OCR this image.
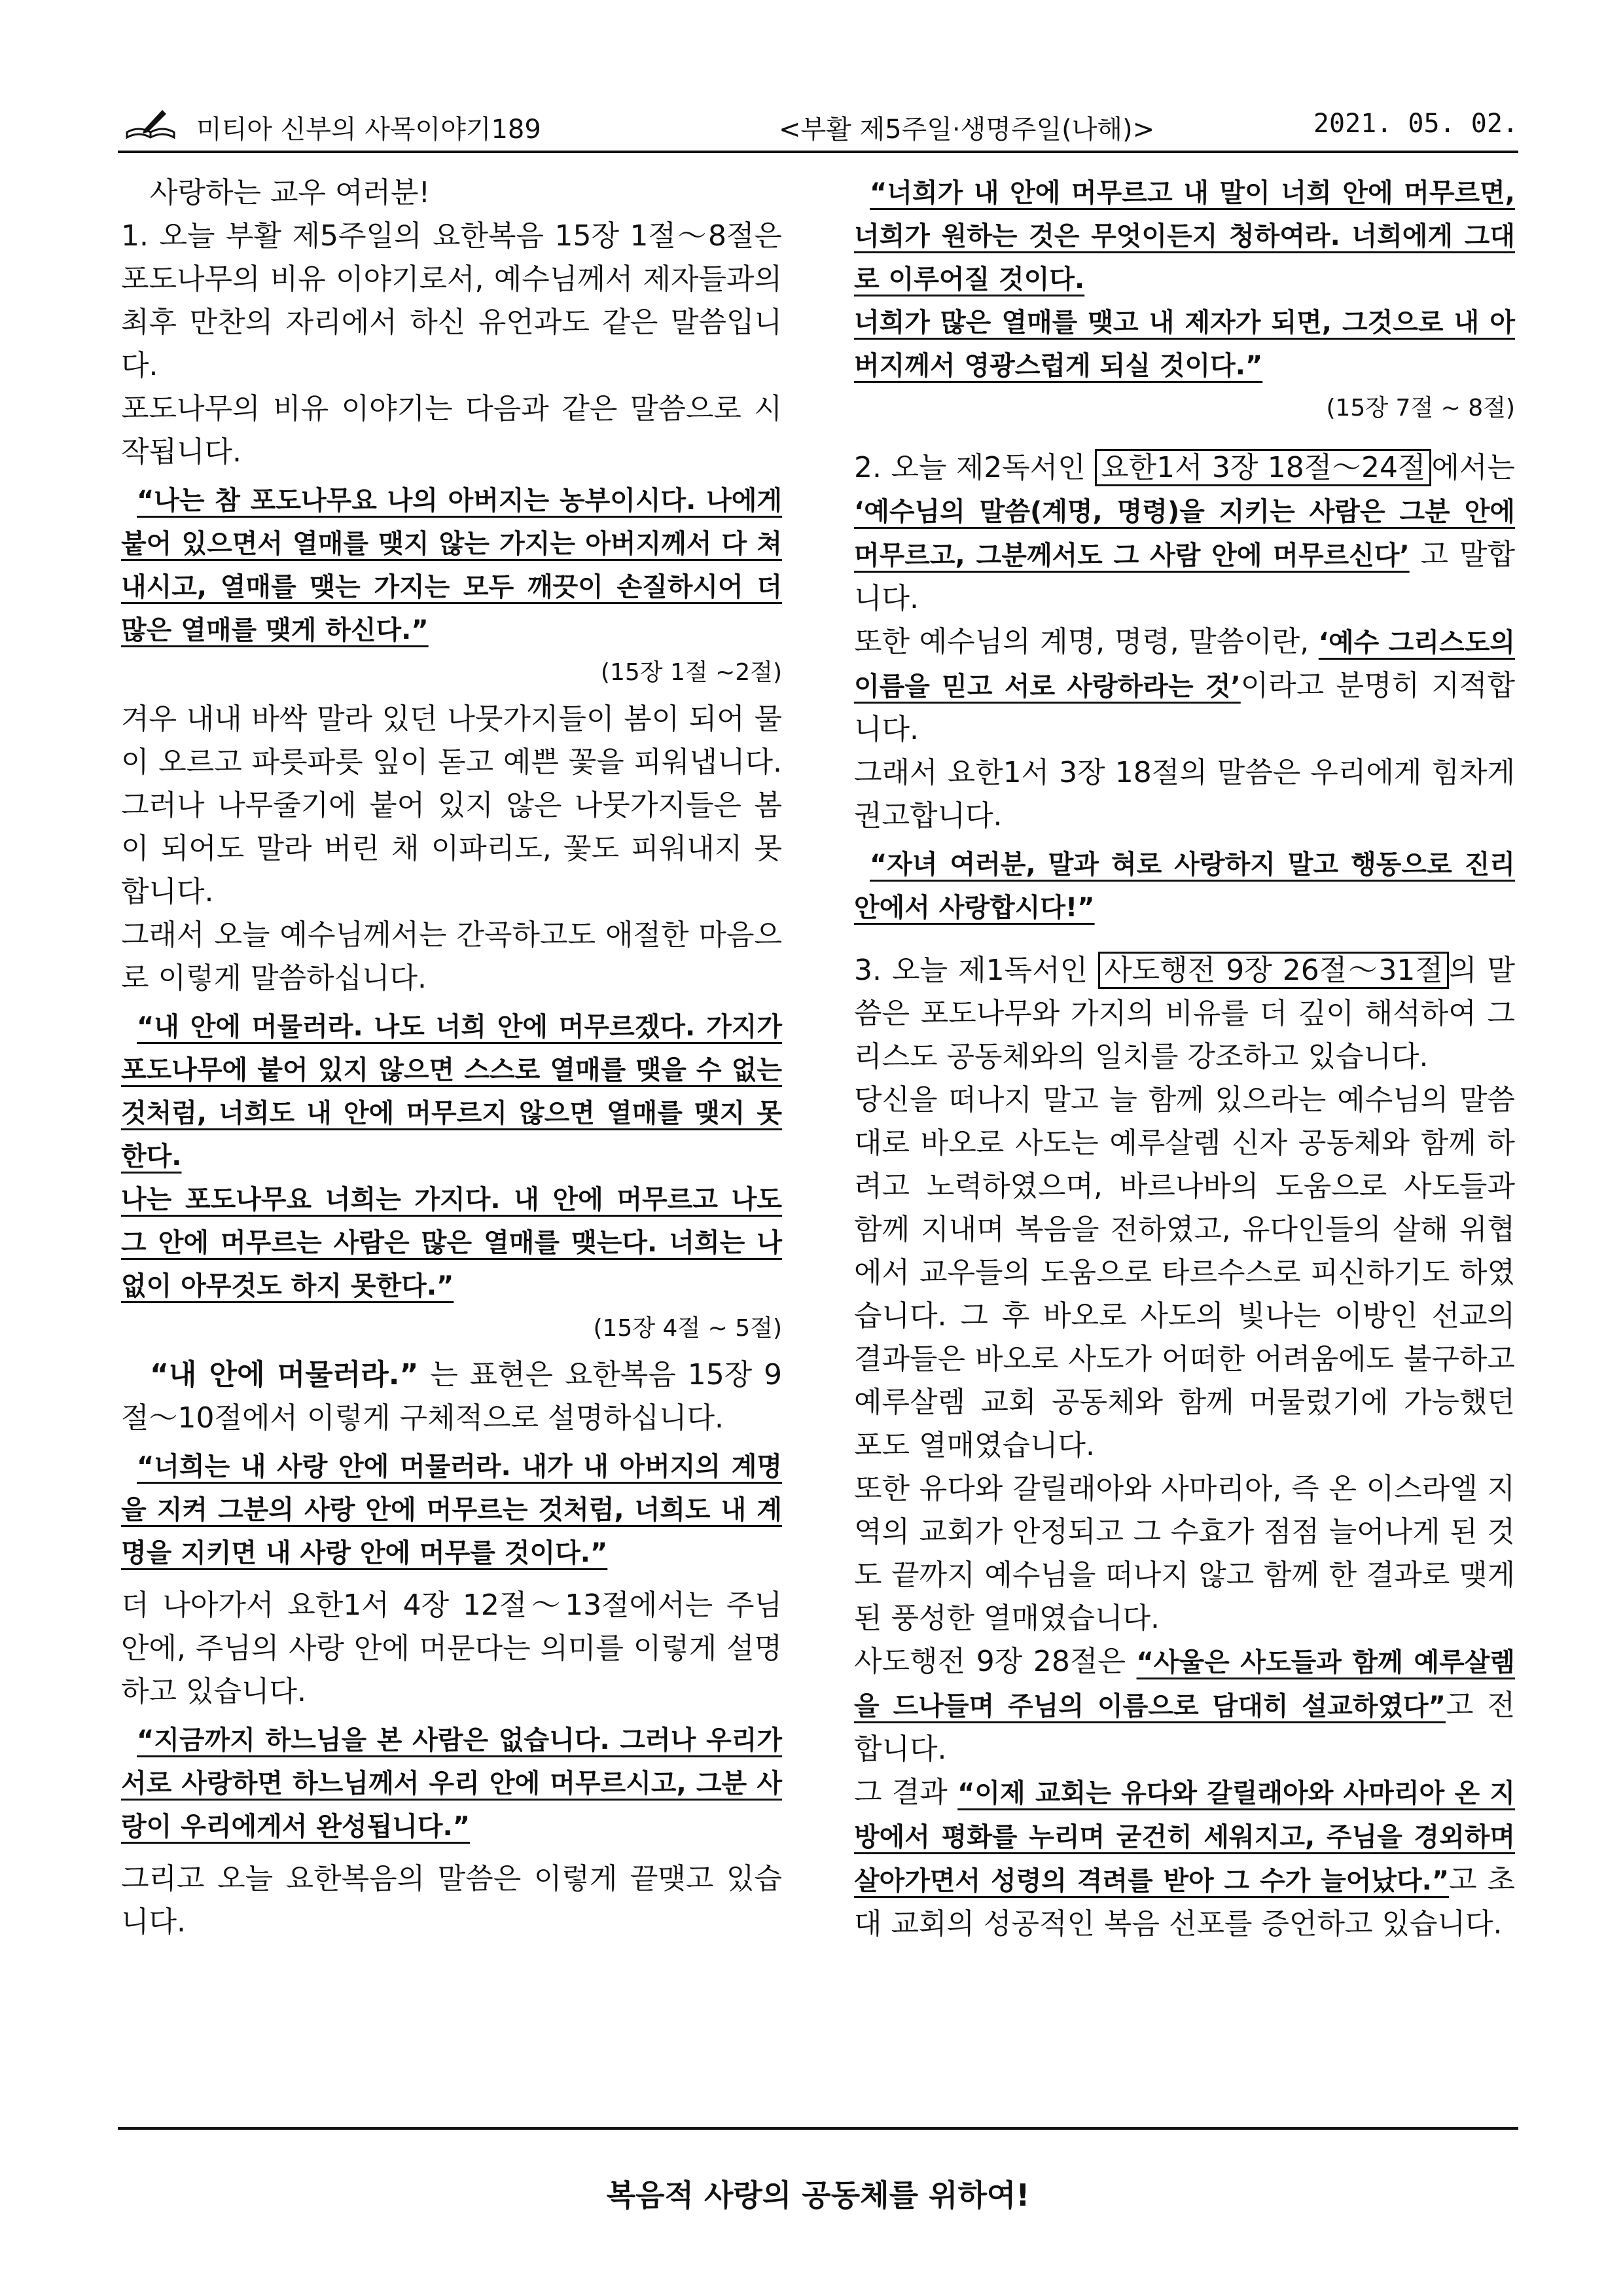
미티아 신부의 사목이야기189	<부활 제5주일·생명주일(나해)>	2021. 05. 02.

사랑하는 교우 여러분!

1. 오늘 부활 제5주일의 요한복음 15장 1절～8절은 포도나무의 비유 이야기로서, 예수님께서 제자들과의 최후 만찬의 자리에서 하신 유언과도 같은 말씀입니다.

포도나무의 비유 이야기는 다음과 같은 말씀으로 시작됩니다.

“나는 참 포도나무요 나의 아버지는 농부이시다. 나에게 붙어 있으면서 열매를 맺지 않는 가지는 아버지께서 다 쳐 내시고, 열매를 맺는 가지는 모두 깨끗이 손질하시어 더 많은 열매를 맺게 하신다.”

(15장 1절 ~2절)

겨우 내내 바싹 말라 있던 나뭇가지들이 봄이 되어 물이 오르고 파릇파릇 잎이 돋고 예쁜 꽃을 피워냅니다. 그러나 나무줄기에 붙어 있지 않은 나뭇가지들은 봄이 되어도 말라 버린 채 이파리도, 꽃도 피워내지 못합니다.

그래서 오늘 예수님께서는 간곡하고도 애절한 마음으로 이렇게 말씀하십니다.

“내 안에 머물러라. 나도 너희 안에 머무르겠다. 가지가 포도나무에 붙어 있지 않으면 스스로 열매를 맺을 수 없는 것처럼, 너희도 내 안에 머무르지 않으면 열매를 맺지 못한다.

나는 포도나무요 너희는 가지다. 내 안에 머무르고 나도 그 안에 머무르는 사람은 많은 열매를 맺는다. 너희는 나 없이 아무것도 하지 못한다.”

(15장 4절 ~ 5절)

“내 안에 머물러라.” 는 표현은 요한복음 15장 9절～10절에서 이렇게 구체적으로 설명하십니다.

“너희는 내 사랑 안에 머물러라. 내가 내 아버지의 계명을 지켜 그분의 사랑 안에 머무르는 것처럼, 너희도 내 계명을 지키면 내 사랑 안에 머무를 것이다.”

더 나아가서 요한1서 4장 12절～13절에서는 주님 안에, 주님의 사랑 안에 머문다는 의미를 이렇게 설명하고 있습니다.

“지금까지 하느님을 본 사람은 없습니다. 그러나 우리가 서로 사랑하면 하느님께서 우리 안에 머무르시고, 그분 사랑이 우리에게서 완성됩니다.”

그리고 오늘 요한복음의 말씀은 이렇게 끝맺고 있습니다.

“너희가 내 안에 머무르고 내 말이 너희 안에 머무르면, 너희가 원하는 것은 무엇이든지 청하여라. 너희에게 그대로 이루어질 것이다.

너희가 많은 열매를 맺고 내 제자가 되면, 그것으로 내 아버지께서 영광스럽게 되실 것이다.”

(15장 7절 ~ 8절)

2. 오늘 제2독서인 요한1서 3장 18절～24절 에서는 ‘예수님의 말씀(계명, 명령)을 지키는 사람은 그분 안에 머무르고, 그분께서도 그 사람 안에 머무르신다’ 고 말합니다.

또한 예수님의 계명, 명령, 말씀이란, ‘예수 그리스도의 이름을 믿고 서로 사랑하라는 것’이라고 분명히 지적합니다.

그래서 요한1서 3장 18절의 말씀은 우리에게 힘차게 권고합니다.

“자녀 여러분, 말과 혀로 사랑하지 말고 행동으로 진리 안에서 사랑합시다!”

3. 오늘 제1독서인 사도행전 9장 26절～31절 의 말씀은 포도나무와 가지의 비유를 더 깊이 해석하여 그리스도 공동체와의 일치를 강조하고 있습니다.

당신을 떠나지 말고 늘 함께 있으라는 예수님의 말씀대로 바오로 사도는 예루살렘 신자 공동체와 함께 하려고 노력하였으며, 바르나바의 도움으로 사도들과 함께 지내며 복음을 전하였고, 유다인들의 살해 위협에서 교우들의 도움으로 타르수스로 피신하기도 하였습니다. 그 후 바오로 사도의 빛나는 이방인 선교의 결과들은 바오로 사도가 어떠한 어려움에도 불구하고 예루살렘 교회 공동체와 함께 머물렀기에 가능했던 포도 열매였습니다.

또한 유다와 갈릴래아와 사마리아, 즉 온 이스라엘 지역의 교회가 안정되고 그 수효가 점점 늘어나게 된 것도 끝까지 예수님을 떠나지 않고 함께 한 결과로 맺게 된 풍성한 열매였습니다.

사도행전 9장 28절은 “사울은 사도들과 함께 예루살렘을 드나들며 주님의 이름으로 담대히 설교하였다”고 전합니다.

그 결과 “이제 교회는 유다와 갈릴래아와 사마리아 온 지방에서 평화를 누리며 굳건히 세워지고, 주님을 경외하며 살아가면서 성령의 격려를 받아 그 수가 늘어났다.”고 초대 교회의 성공적인 복음 선포를 증언하고 있습니다.

복음적 사랑의 공동체를 위하여!
